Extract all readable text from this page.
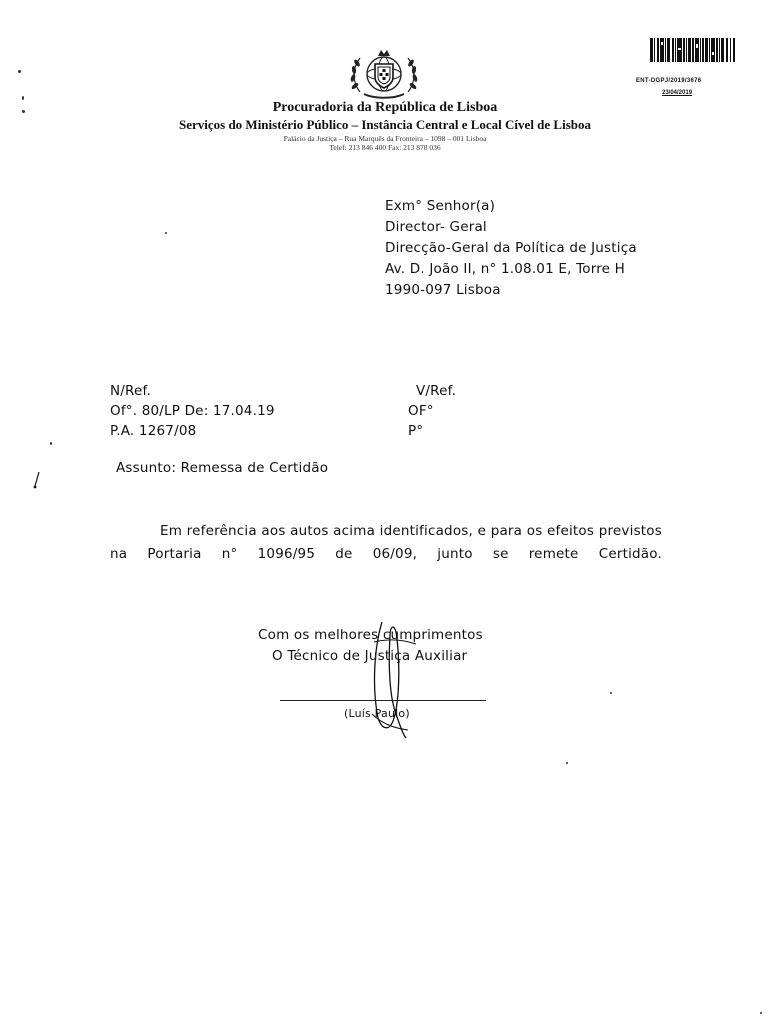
Procuradoria da República de Lisboa
Serviços do Ministério Público – Instância Central e Local Cível de Lisboa
Palácio da Justiça – Rua Marquês da Fronteira – 1098 – 001 Lisboa
Telef: 213 846 400 Fax: 213 878 036
ENT-DGPJ/2019/3676
23/04/2019
Exm° Senhor(a)
Director- Geral
Direcção-Geral da Política de Justiça
Av. D. João II, n° 1.08.01 E, Torre H
1990-097 Lisboa
N/Ref.
Of°. 80/LP De: 17.04.19
P.A. 1267/08
V/Ref.
OF°
P°
Assunto: Remessa de Certidão
Em referência aos autos acima identificados, e para os efeitos previstos na Portaria n° 1096/95 de 06/09, junto se remete Certidão.
Com os melhores cumprimentos
O Técnico de Justiça Auxiliar
(Luís Paulo)
